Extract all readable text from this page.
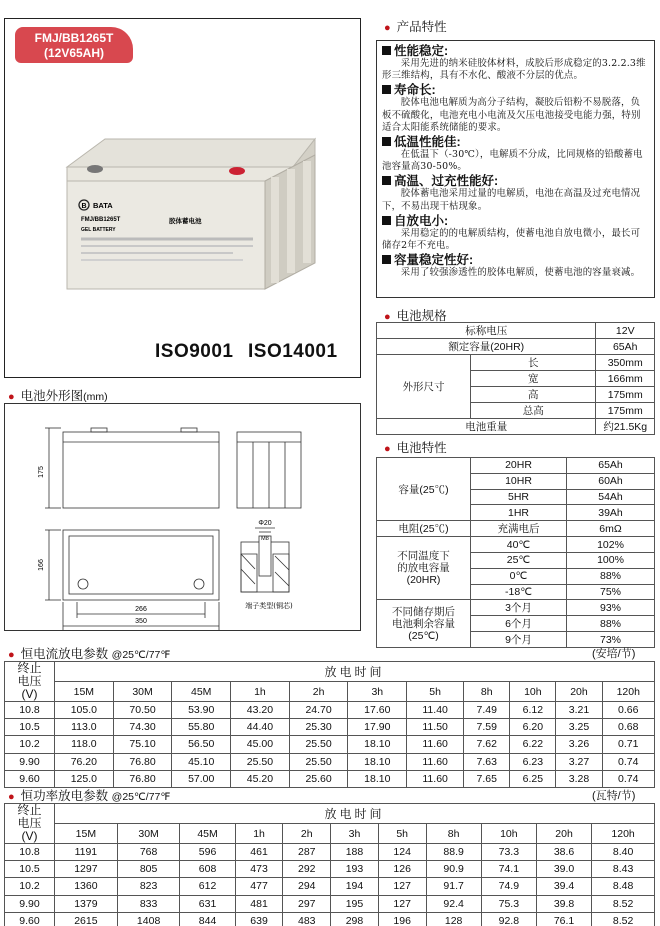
FMJ/BB1265T
(12V65AH)
B BATA
FMJ/BB1265T
GEL BATTERY
胶体蓄电池
ISO9001 ISO14001
● 产品特性
性能稳定:
采用先进的纳米硅胶体材料，成胶后形成稳定的3.2.2.3维形三维结构，具有不水化、酸液不分层的优点。
寿命长:
胶体电池电解质为高分子结构，凝胶后铅粉不易脱落，负板不硫酸化，电池充电小电流及欠压电池接受电能力强，特别适合太阳能系统储能的要求。
低温性能佳:
在低温下（-30℃），电解质不分成，比同规格的铅酸蓄电池容量高30-50%。
高温、过充性能好:
胶体蓄电池采用过量的电解质，电池在高温及过充电情况下，不易出现干枯现象。
自放电小:
采用稳定的的电解质结构，使蓄电池自放电微小，最长可储存2年不充电。
容量稳定性好:
采用了较强渗透性的胶体电解质，使蓄电池的容量衰减。
● 电池规格
标称电压		12V
额定容量(20HR)		65Ah
外形尺寸	长	350mm
	宽	166mm
	高	175mm
	总高	175mm
电池重量		约21.5Kg
● 电池特性
容量(25℃)	20HR	65Ah
	10HR	60Ah
	5HR	54Ah
	1HR	39Ah
电阻(25℃)	充满电后	6mΩ

不同温度下
的放电容量
(20HR)	40℃	102%
	25℃	100%
	0℃	88%
	-18℃	75%

不同储存期后
电池剩余容量
(25℃)	3个月	93%
	6个月	88%
	9个月	73%
● 电池外形图(mm)
175
166
266
350
Φ20
M8
端子类型(铜芯)
● 恒电流放电参数 @25℃/77℉	(安培/节)
终止
电压
(V)	放电时间										
	15M	30M	45M	1h	2h	3h	5h	8h	10h	20h	120h
10.8	105.0	70.50	53.90	43.20	24.70	17.60	11.40	7.49	6.12	3.21	0.66
10.5	113.0	74.30	55.80	44.40	25.30	17.90	11.50	7.59	6.20	3.25	0.68
10.2	118.0	75.10	56.50	45.00	25.50	18.10	11.60	7.62	6.22	3.26	0.71
9.90	76.20	76.80	45.10	25.50	25.50	18.10	11.60	7.63	6.23	3.27	0.74
9.60	125.0	76.80	57.00	45.20	25.60	18.10	11.60	7.65	6.25	3.28	0.74
● 恒功率放电参数 @25℃/77℉	(瓦特/节)
终止
电压
(V)	放电时间										
	15M	30M	45M	1h	2h	3h	5h	8h	10h	20h	120h
10.8	1191	768	596	461	287	188	124	88.9	73.3	38.6	8.40
10.5	1297	805	608	473	292	193	126	90.9	74.1	39.0	8.43
10.2	1360	823	612	477	294	194	127	91.7	74.9	39.4	8.48
9.90	1379	833	631	481	297	195	127	92.4	75.3	39.8	8.52
9.60	2615	1408	844	639	483	298	196	128	92.8	76.1	8.52
